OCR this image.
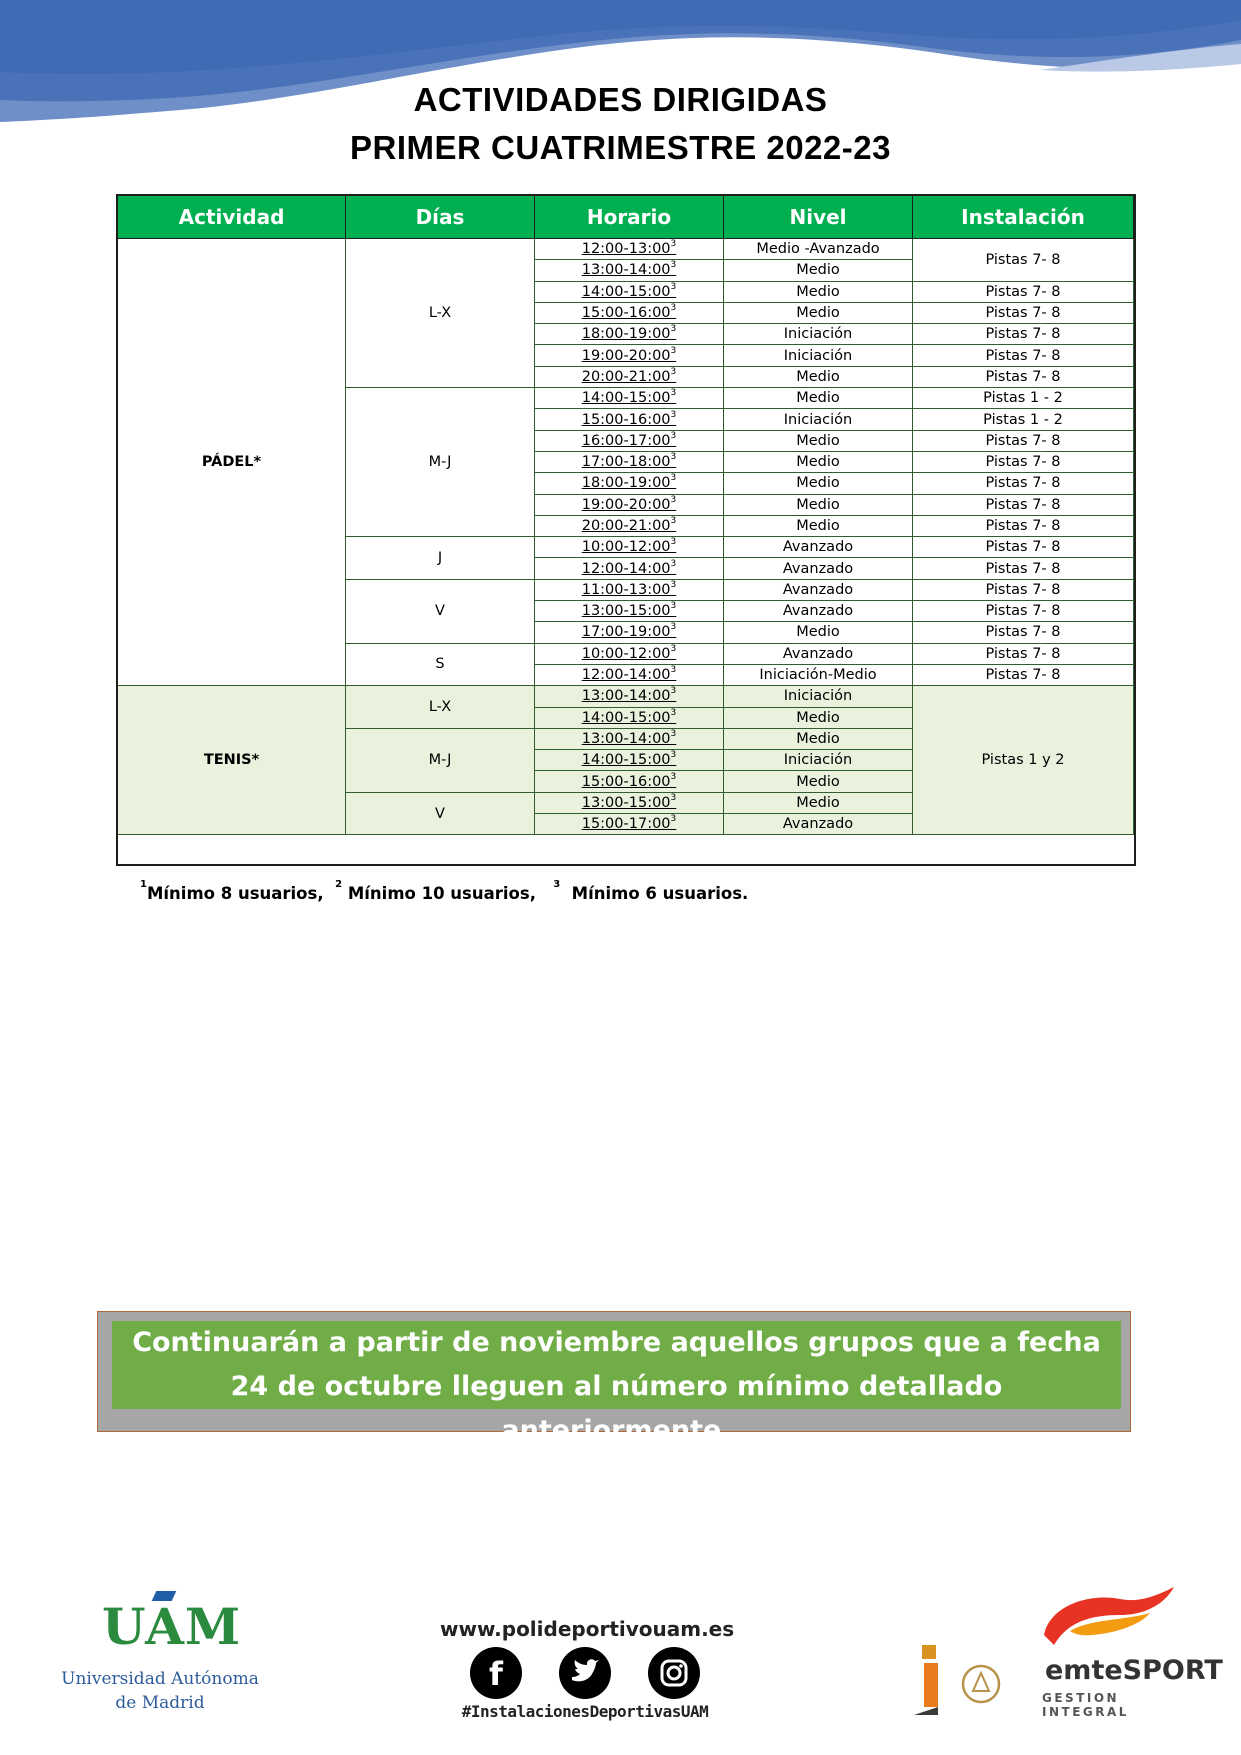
ACTIVIDADES DIRIGIDAS
PRIMER CUATRIMESTRE 2022-23
Actividad	Días	Horario	Nivel	Instalación
PÁDEL*	L-X	$12:00-13:00^3$	Medio -Avanzado	Pistas 7- 8
		$13:00-14:00^3$	Medio	
		$14:00-15:00^3$	Medio	Pistas 7- 8
		$15:00-16:00^3$	Medio	Pistas 7- 8
		$18:00-19:00^3$	Iniciación	Pistas 7- 8
		$19:00-20:00^3$	Iniciación	Pistas 7- 8
		$20:00-21:00^3$	Medio	Pistas 7- 8
	M-J	$14:00-15:00^3$	Medio	Pistas 1 - 2
		$15:00-16:00^3$	Iniciación	Pistas 1 - 2
		$16:00-17:00^3$	Medio	Pistas 7- 8
		$17:00-18:00^3$	Medio	Pistas 7- 8
		$18:00-19:00^3$	Medio	Pistas 7- 8
		$19:00-20:00^3$	Medio	Pistas 7- 8
		$20:00-21:00^3$	Medio	Pistas 7- 8
	J	$10:00-12:00^3$	Avanzado	Pistas 7- 8
		$12:00-14:00^3$	Avanzado	Pistas 7- 8
	V	$11:00-13:00^3$	Avanzado	Pistas 7- 8
		$13:00-15:00^3$	Avanzado	Pistas 7- 8
		$17:00-19:00^3$	Medio	Pistas 7- 8
	S	$10:00-12:00^3$	Avanzado	Pistas 7- 8
		$12:00-14:00^3$	Iniciación-Medio	Pistas 7- 8
TENIS*	L-X	$13:00-14:00^3$	Iniciación	Pistas 1 y 2
		$14:00-15:00^3$	Medio	
	M-J	$13:00-14:00^3$	Medio	
		$14:00-15:00^3$	Iniciación	
		$15:00-16:00^3$	Medio	
	V	$13:00-15:00^3$	Medio	
		$15:00-17:00^3$	Avanzado	
$^1$Mínimo 8 usuarios, $^2$ Mínimo 10 usuarios, $^3$ Mínimo 6 usuarios.
Continuarán a partir de noviembre aquellos grupos que a fecha
24 de octubre lleguen al número mínimo detallado anteriormente.
UAM
Universidad Autónoma
de Madrid
www.polideportivouam.es
f
#InstalacionesDeportivasUAM
emteSPORT
GESTION INTEGRAL
